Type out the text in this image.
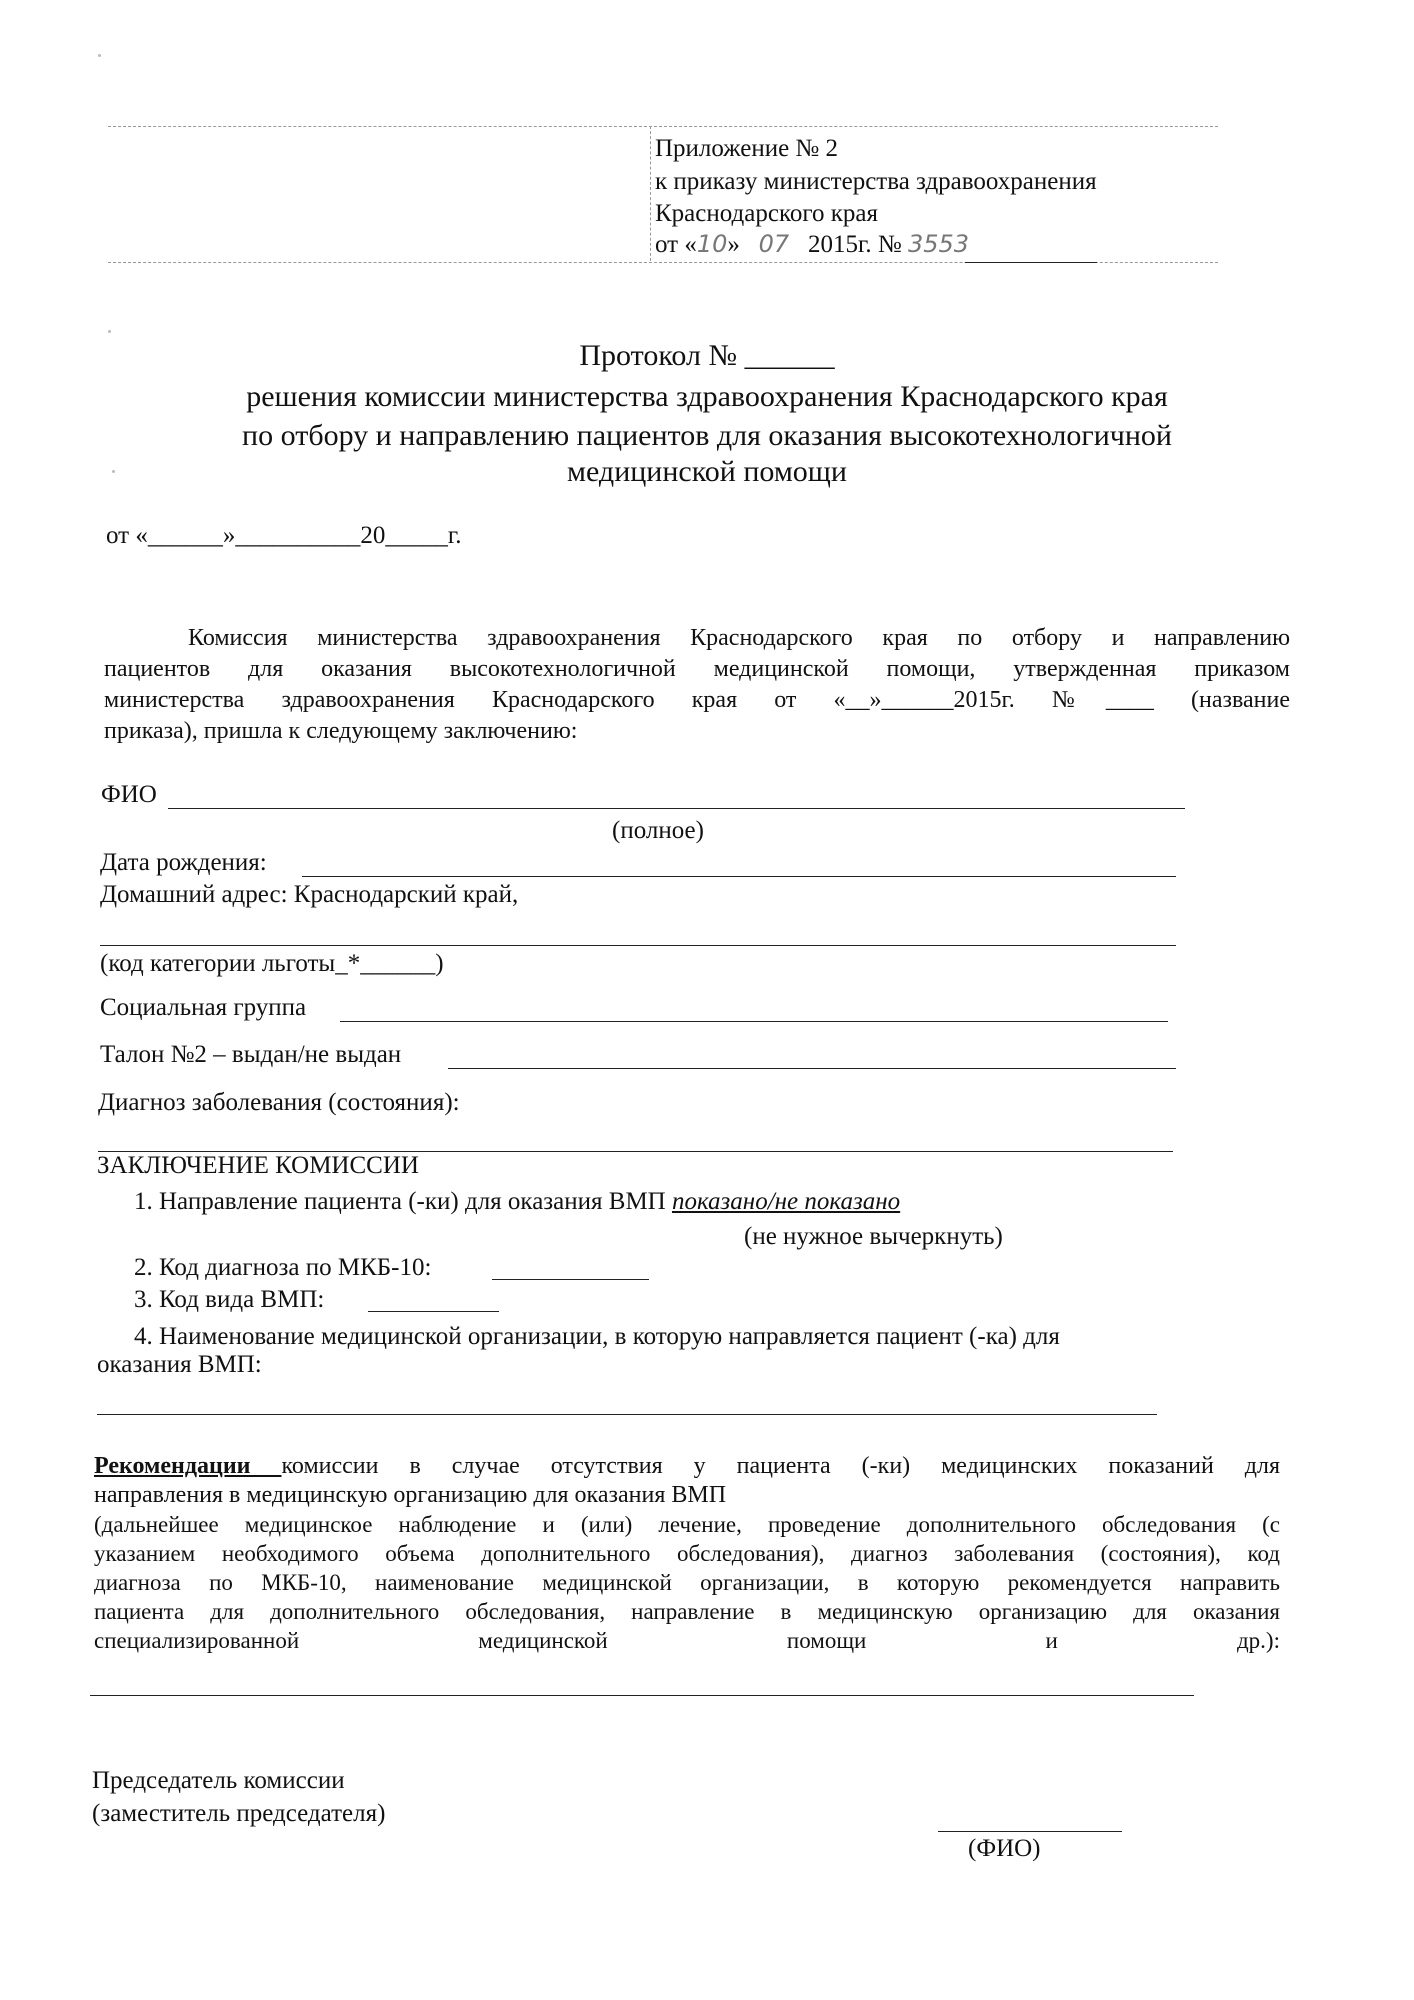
Приложение № 2
к приказу министерства здравоохранения
Краснодарского края
от «10» 07 2015г. № 3553
Протокол № ______
решения комиссии министерства здравоохранения Краснодарского края
по отбору и направлению пациентов для оказания высокотехнологичной
медицинской помощи
от «______»__________20_____г.
Комиссия министерства здравоохранения Краснодарского края по отбору и направлению
пациентов для оказания высокотехнологичной медицинской помощи, утвержденная приказом
министерства здравоохранения Краснодарского края от «__»______2015г. №____ (название
приказа), пришла к следующему заключению:
ФИО
(полное)
Дата рождения:
Домашний адрес: Краснодарский край,
(код категории льготы_*______)
Социальная группа
Талон №2 – выдан/не выдан
Диагноз заболевания (состояния):
ЗАКЛЮЧЕНИЕ КОМИССИИ
1. Направление пациента (-ки) для оказания ВМП показано/не показано
(не нужное вычеркнуть)
2. Код диагноза по МКБ-10:
3. Код вида ВМП:
4. Наименование медицинской организации, в которую направляется пациент (-ка) для
оказания ВМП:
Рекомендации комиссии в случае отсутствия у пациента (-ки) медицинских показаний для
направления в медицинскую организацию для оказания ВМП
(дальнейшее медицинское наблюдение и (или) лечение, проведение дополнительного обследования (с
указанием необходимого объема дополнительного обследования), диагноз заболевания (состояния), код
диагноза по МКБ-10, наименование медицинской организации, в которую рекомендуется направить
пациента для дополнительного обследования, направление в медицинскую организацию для оказания
специализированной медицинской помощи и др.):
Председатель комиссии
(заместитель председателя)
(ФИО)
